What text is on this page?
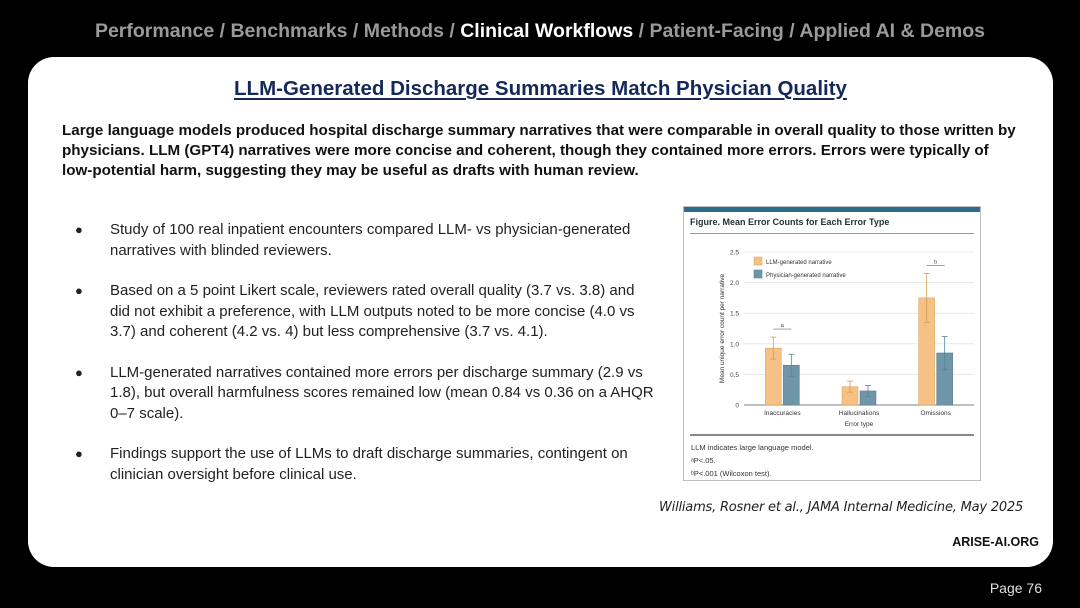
Performance / Benchmarks / Methods / Clinical Workflows / Patient-Facing / Applied AI & Demos
LLM-Generated Discharge Summaries Match Physician Quality
Large language models produced hospital discharge summary narratives that were comparable in overall quality to those written by physicians. LLM (GPT4) narratives were more concise and coherent, though they contained more errors. Errors were typically of low-potential harm, suggesting they may be useful as drafts with human review.
● Study of 100 real inpatient encounters compared LLM- vs physician-generated narratives with blinded reviewers.
● Based on a 5 point Likert scale, reviewers rated overall quality (3.7 vs. 3.8) and did not exhibit a preference, with LLM outputs noted to be more concise (4.0 vs 3.7) and coherent (4.2 vs. 4) but less comprehensive (3.7 vs. 4.1).
● LLM-generated narratives contained more errors per discharge summary (2.9 vs 1.8), but overall harmfulness scores remained low (mean 0.84 vs 0.36 on a AHQR 0–7 scale).
● Findings support the use of LLMs to draft discharge summaries, contingent on clinician oversight before clinical use.
Figure. Mean Error Counts for Each Error Type
0
0.5
1.0
1.5
2.0
2.5
Mean unique error count per narrative
Inaccuracies
a
Hallucinations	Omissions
b
Error type
LLM-generated narrative
Physician-generated narrative
LLM indicates large language model.
ᵃP<.05.
ᵇP<.001 (Wilcoxon test).
Williams, Rosner et al., JAMA Internal Medicine, May 2025
ARISE-AI.ORG
Page 76
